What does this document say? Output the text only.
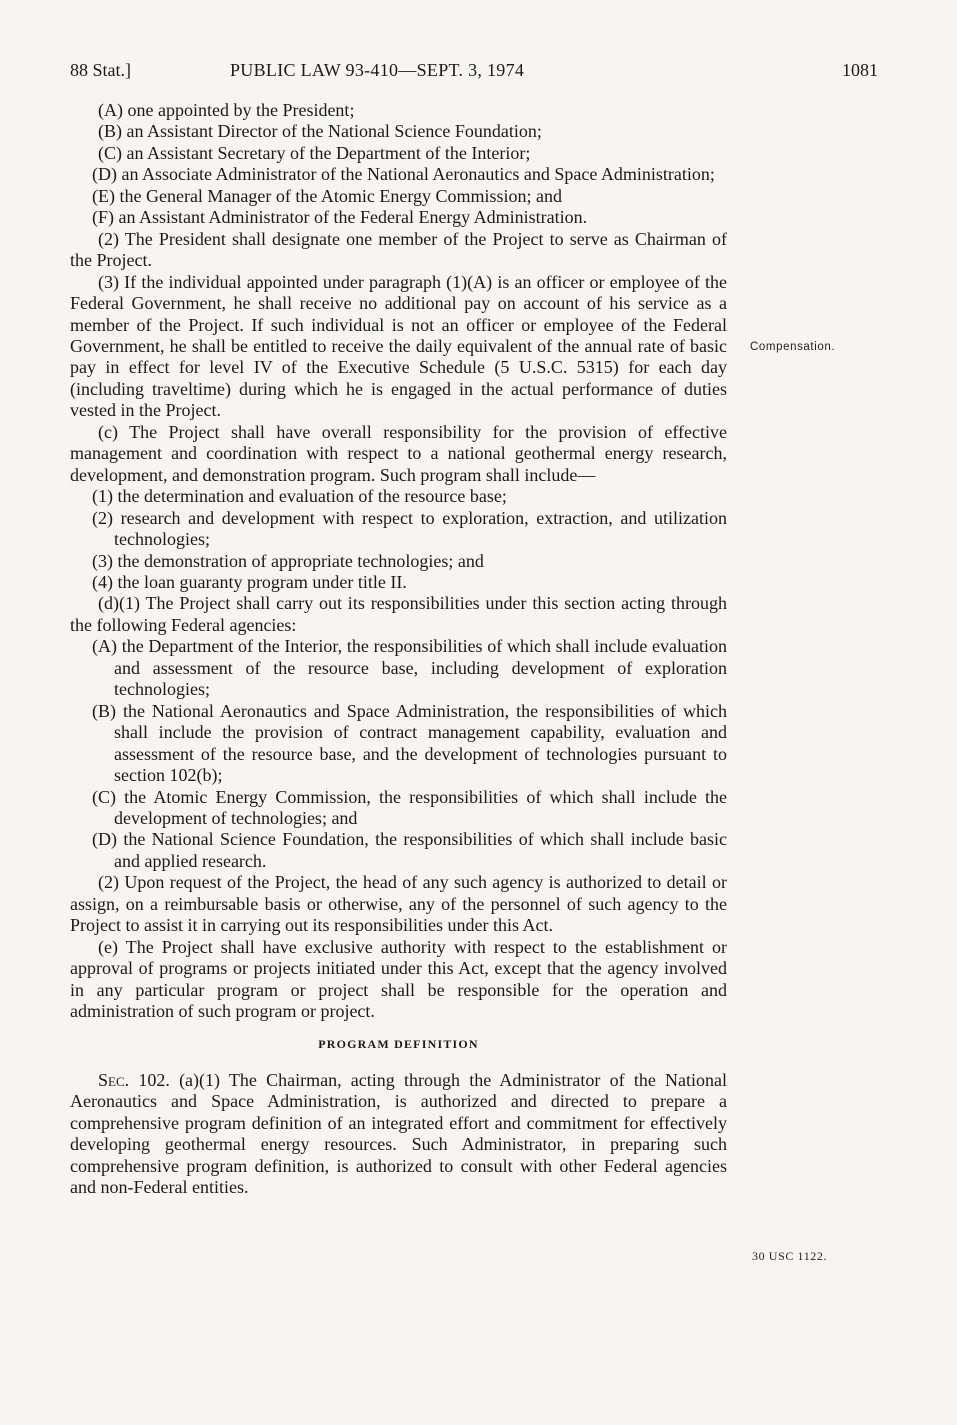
88 Stat.]	PUBLIC LAW 93-410—SEPT. 3, 1974	1081
Compensation.
30 USC 1122.

(A) one appointed by the President;

(B) an Assistant Director of the National Science Foundation;

(C) an Assistant Secretary of the Department of the Interior;

(D) an Associate Administrator of the National Aeronautics and Space Administration;

(E) the General Manager of the Atomic Energy Commission; and

(F) an Assistant Administrator of the Federal Energy Administration.

(2) The President shall designate one member of the Project to serve as Chairman of the Project.

(3) If the individual appointed under paragraph (1)(A) is an officer or employee of the Federal Government, he shall receive no additional pay on account of his service as a member of the Project. If such individual is not an officer or employee of the Federal Government, he shall be entitled to receive the daily equivalent of the annual rate of basic pay in effect for level IV of the Executive Schedule (5 U.S.C. 5315) for each day (including traveltime) during which he is engaged in the actual performance of duties vested in the Project.

(c) The Project shall have overall responsibility for the provision of effective management and coordination with respect to a national geothermal energy research, development, and demonstration program. Such program shall include—

(1) the determination and evaluation of the resource base;

(2) research and development with respect to exploration, extraction, and utilization technologies;

(3) the demonstration of appropriate technologies; and

(4) the loan guaranty program under title II.

(d)(1) The Project shall carry out its responsibilities under this section acting through the following Federal agencies:

(A) the Department of the Interior, the responsibilities of which shall include evaluation and assessment of the resource base, including development of exploration technologies;

(B) the National Aeronautics and Space Administration, the responsibilities of which shall include the provision of contract management capability, evaluation and assessment of the resource base, and the development of technologies pursuant to section 102(b);

(C) the Atomic Energy Commission, the responsibilities of which shall include the development of technologies; and

(D) the National Science Foundation, the responsibilities of which shall include basic and applied research.

(2) Upon request of the Project, the head of any such agency is authorized to detail or assign, on a reimbursable basis or otherwise, any of the personnel of such agency to the Project to assist it in carrying out its responsibilities under this Act.

(e) The Project shall have exclusive authority with respect to the establishment or approval of programs or projects initiated under this Act, except that the agency involved in any particular program or project shall be responsible for the operation and administration of such program or project.

PROGRAM DEFINITION

Sec. 102. (a)(1) The Chairman, acting through the Administrator of the National Aeronautics and Space Administration, is authorized and directed to prepare a comprehensive program definition of an integrated effort and commitment for effectively developing geothermal energy resources. Such Administrator, in preparing such comprehensive program definition, is authorized to consult with other Federal agencies and non-Federal entities.
